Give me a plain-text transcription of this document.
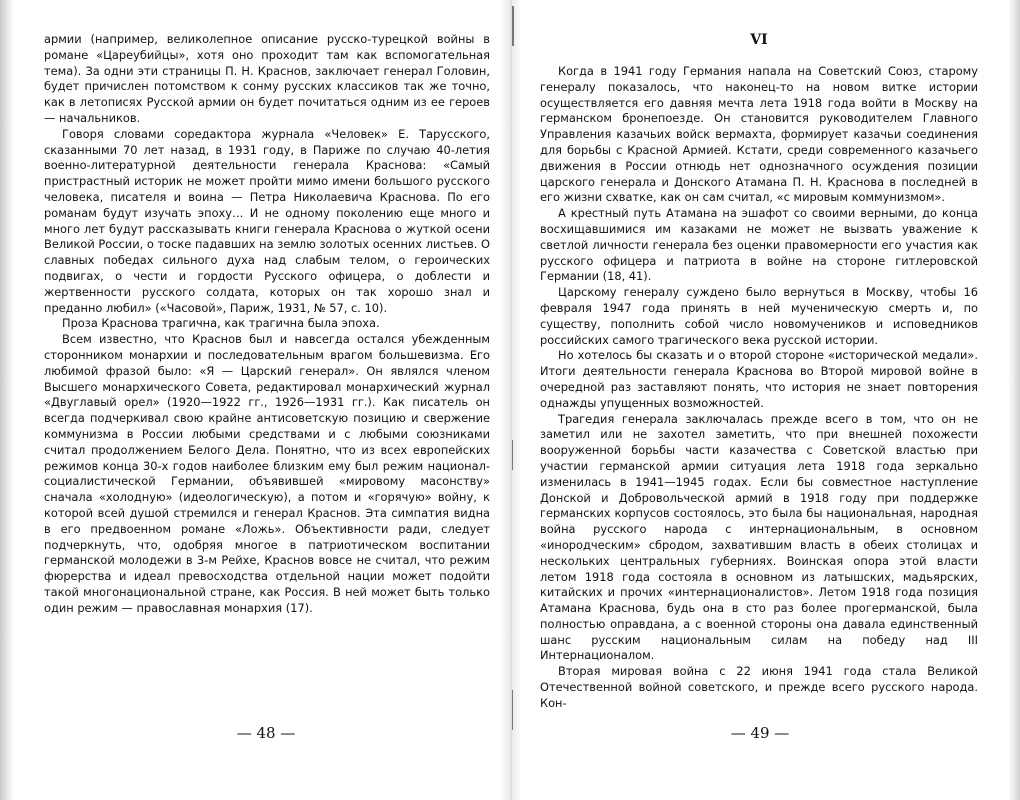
армии (например, великолепное описание русско-турецкой войны в романе «Цареубийцы», хотя оно проходит там как вспомогательная тема). За одни эти страницы П. Н. Краснов, заключает генерал Головин, будет причислен потомством к сонму русских классиков так же точно, как в летописях Русской армии он будет почитаться одним из ее героев — начальников.

Говоря словами соредактора журнала «Человек» Е. Тарусского, сказанными 70 лет назад, в 1931 году, в Париже по случаю 40-летия военно-литературной деятельности генерала Краснова: «Самый пристрастный историк не может пройти мимо имени большого русского человека, писателя и воина — Петра Николаевича Краснова. По его романам будут изучать эпоху… И не одному поколению еще много и много лет будут рассказывать книги генерала Краснова о жуткой осени Великой России, о тоске падавших на землю золотых осенних листьев. О славных победах сильного духа над слабым телом, о героических подвигах, о чести и гордости Русского офицера, о доблести и жертвенности русского солдата, которых он так хорошо знал и преданно любил» («Часовой», Париж, 1931, № 57, с. 10).

Проза Краснова трагична, как трагична была эпоха.

Всем известно, что Краснов был и навсегда остался убежденным сторонником монархии и последовательным врагом большевизма. Его любимой фразой было: «Я — Царский генерал». Он являлся членом Высшего монархического Совета, редактировал монархический журнал «Двуглавый орел» (1920—1922 гг., 1926—1931 гг.). Как писатель он всегда подчеркивал свою крайне антисоветскую позицию и свержение коммунизма в России любыми средствами и с любыми союзниками считал продолжением Белого Дела. Понятно, что из всех европейских режимов конца 30-х годов наиболее близким ему был режим национал-социалистической Германии, объявившей «мировому масонству» сначала «холодную» (идеологическую), а потом и «горячую» войну, к которой всей душой стремился и генерал Краснов. Эта симпатия видна в его предвоенном романе «Ложь». Объективности ради, следует подчеркнуть, что, одобряя многое в патриотическом воспитании германской молодежи в 3-м Рейхе, Краснов вовсе не считал, что режим фюрерства и идеал превосходства отдельной нации может подойти такой многонациональной стране, как Россия. В ней может быть только один режим — православная монархия (17).

— 48 —
VI

Когда в 1941 году Германия напала на Советский Союз, старому генералу показалось, что наконец-то на новом витке истории осуществляется его давняя мечта лета 1918 года войти в Москву на германском бронепоезде. Он становится руководителем Главного Управления казачьих войск вермахта, формирует казачьи соединения для борьбы с Красной Армией. Кстати, среди современного казачьего движения в России отнюдь нет однозначного осуждения позиции царского генерала и Донского Атамана П. Н. Краснова в последней в его жизни схватке, как он сам считал, «с мировым коммунизмом».

А крестный путь Атамана на эшафот со своими верными, до конца восхищавшимися им казаками не может не вызвать уважение к светлой личности генерала без оценки правомерности его участия как русского офицера и патриота в войне на стороне гитлеровской Германии (18, 41).

Царскому генералу суждено было вернуться в Москву, чтобы 16 февраля 1947 года принять в ней мученическую смерть и, по существу, пополнить собой число новомучеников и исповедников российских самого трагического века русской истории.

Но хотелось бы сказать и о второй стороне «исторической медали». Итоги деятельности генерала Краснова во Второй мировой войне в очередной раз заставляют понять, что история не знает повторения однажды упущенных возможностей.

Трагедия генерала заключалась прежде всего в том, что он не заметил или не захотел заметить, что при внешней похожести вооруженной борьбы части казачества с Советской властью при участии германской армии ситуация лета 1918 года зеркально изменилась в 1941—1945 годах. Если бы совместное наступление Донской и Добровольческой армий в 1918 году при поддержке германских корпусов состоялось, это была бы национальная, народная война русского народа с интернациональным, в основном «инородческим» сбродом, захватившим власть в обеих столицах и нескольких центральных губерниях. Воинская опора этой власти летом 1918 года состояла в основном из латышских, мадьярских, китайских и прочих «интернационалистов». Летом 1918 года позиция Атамана Краснова, будь она в сто раз более прогерманской, была полностью оправдана, а с военной стороны она давала единственный шанс русским национальным силам на победу над III Интернационалом.

Вторая мировая война с 22 июня 1941 года стала Великой Отечественной войной советского, и прежде всего русского народа. Кон-

— 49 —
